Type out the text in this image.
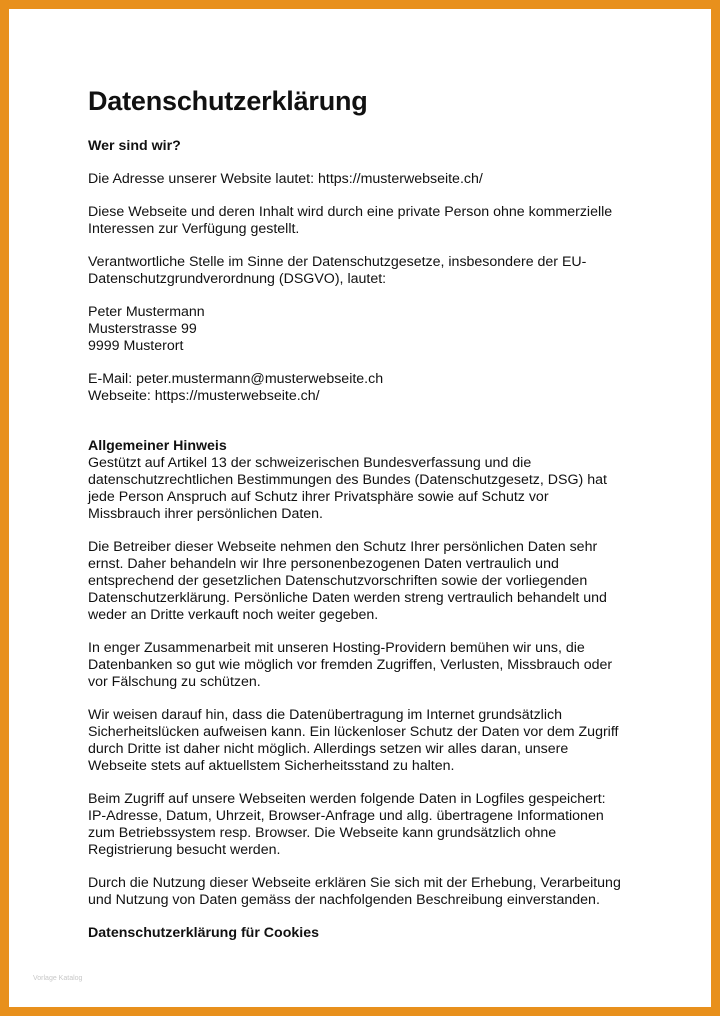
Datenschutzerklärung
Wer sind wir?

Die Adresse unserer Website lautet: https://musterwebseite.ch/

Diese Webseite und deren Inhalt wird durch eine private Person ohne kommerzielle
Interessen zur Verfügung gestellt.

Verantwortliche Stelle im Sinne der Datenschutzgesetze, insbesondere der EU-
Datenschutzgrundverordnung (DSGVO), lautet:

Peter Mustermann
Musterstrasse 99
9999 Musterort

E-Mail: peter.mustermann@musterwebseite.ch
Webseite: https://musterwebseite.ch/

Allgemeiner Hinweis

Gestützt auf Artikel 13 der schweizerischen Bundesverfassung und die
datenschutzrechtlichen Bestimmungen des Bundes (Datenschutzgesetz, DSG) hat
jede Person Anspruch auf Schutz ihrer Privatsphäre sowie auf Schutz vor
Missbrauch ihrer persönlichen Daten.

Die Betreiber dieser Webseite nehmen den Schutz Ihrer persönlichen Daten sehr
ernst. Daher behandeln wir Ihre personenbezogenen Daten vertraulich und
entsprechend der gesetzlichen Datenschutzvorschriften sowie der vorliegenden
Datenschutzerklärung. Persönliche Daten werden streng vertraulich behandelt und
weder an Dritte verkauft noch weiter gegeben.

In enger Zusammenarbeit mit unseren Hosting-Providern bemühen wir uns, die
Datenbanken so gut wie möglich vor fremden Zugriffen, Verlusten, Missbrauch oder
vor Fälschung zu schützen.

Wir weisen darauf hin, dass die Datenübertragung im Internet grundsätzlich
Sicherheitslücken aufweisen kann. Ein lückenloser Schutz der Daten vor dem Zugriff
durch Dritte ist daher nicht möglich. Allerdings setzen wir alles daran, unsere
Webseite stets auf aktuellstem Sicherheitsstand zu halten.

Beim Zugriff auf unsere Webseiten werden folgende Daten in Logfiles gespeichert:
IP-Adresse, Datum, Uhrzeit, Browser-Anfrage und allg. übertragene Informationen
zum Betriebssystem resp. Browser. Die Webseite kann grundsätzlich ohne
Registrierung besucht werden.

Durch die Nutzung dieser Webseite erklären Sie sich mit der Erhebung, Verarbeitung
und Nutzung von Daten gemäss der nachfolgenden Beschreibung einverstanden.

Datenschutzerklärung für Cookies
Vorlage Katalog
